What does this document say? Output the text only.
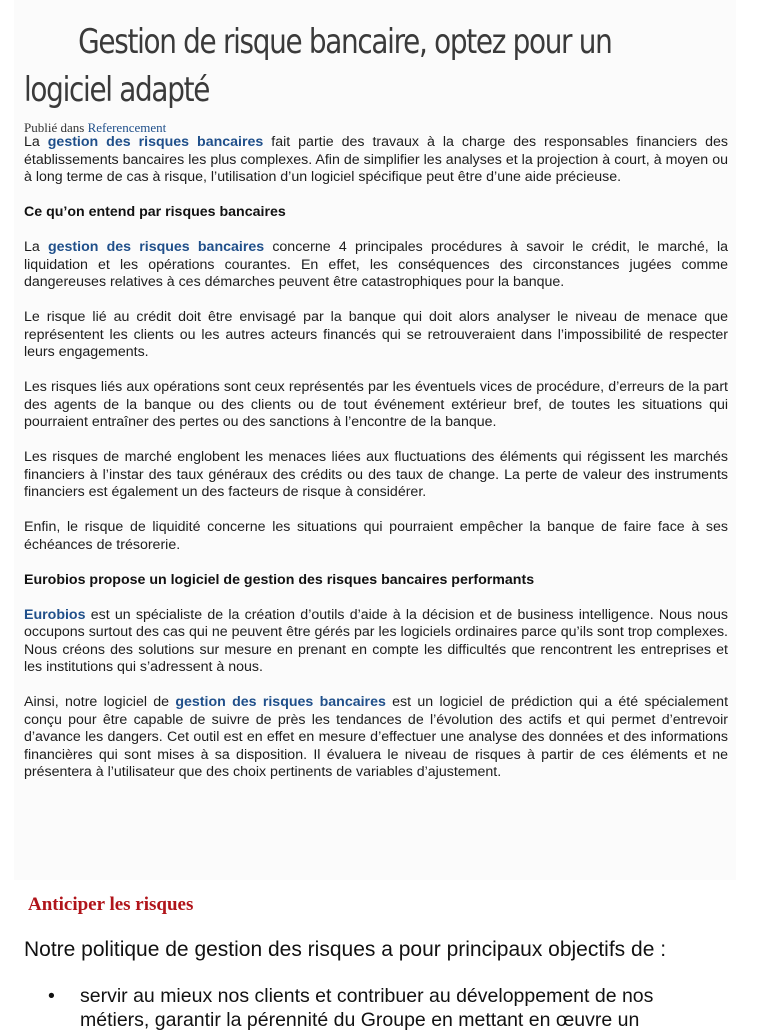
Gestion de risque bancaire, optez pour un
logiciel adapté
Publié dans Referencement

La gestion des risques bancaires fait partie des travaux à la charge des responsables financiers des établissements bancaires les plus complexes. Afin de simplifier les analyses et la projection à court, à moyen ou à long terme de cas à risque, l’utilisation d’un logiciel spécifique peut être d’une aide précieuse.

Ce qu’on entend par risques bancaires

La gestion des risques bancaires concerne 4 principales procédures à savoir le crédit, le marché, la liquidation et les opérations courantes. En effet, les conséquences des circonstances jugées comme dangereuses relatives à ces démarches peuvent être catastrophiques pour la banque.

Le risque lié au crédit doit être envisagé par la banque qui doit alors analyser le niveau de menace que représentent les clients ou les autres acteurs financés qui se retrouveraient dans l’impossibilité de respecter leurs engagements.

Les risques liés aux opérations sont ceux représentés par les éventuels vices de procédure, d’erreurs de la part des agents de la banque ou des clients ou de tout événement extérieur bref, de toutes les situations qui pourraient entraîner des pertes ou des sanctions à l’encontre de la banque.

Les risques de marché englobent les menaces liées aux fluctuations des éléments qui régissent les marchés financiers à l’instar des taux généraux des crédits ou des taux de change. La perte de valeur des instruments financiers est également un des facteurs de risque à considérer.

Enfin, le risque de liquidité concerne les situations qui pourraient empêcher la banque de faire face à ses échéances de trésorerie.

Eurobios propose un logiciel de gestion des risques bancaires performants

Eurobios est un spécialiste de la création d’outils d’aide à la décision et de business intelligence. Nous nous occupons surtout des cas qui ne peuvent être gérés par les logiciels ordinaires parce qu’ils sont trop complexes. Nous créons des solutions sur mesure en prenant en compte les difficultés que rencontrent les entreprises et les institutions qui s’adressent à nous.

Ainsi, notre logiciel de gestion des risques bancaires est un logiciel de prédiction qui a été spécialement conçu pour être capable de suivre de près les tendances de l’évolution des actifs et qui permet d’entrevoir d’avance les dangers. Cet outil est en effet en mesure d’effectuer une analyse des données et des informations financières qui sont mises à sa disposition. Il évaluera le niveau de risques à partir de ces éléments et ne présentera à l’utilisateur que des choix pertinents de variables d’ajustement.

Anticiper les risques

Notre politique de gestion des risques a pour principaux objectifs de :

• servir au mieux nos clients et contribuer au développement de nos métiers, garantir la pérennité du Groupe en mettant en œuvre un
